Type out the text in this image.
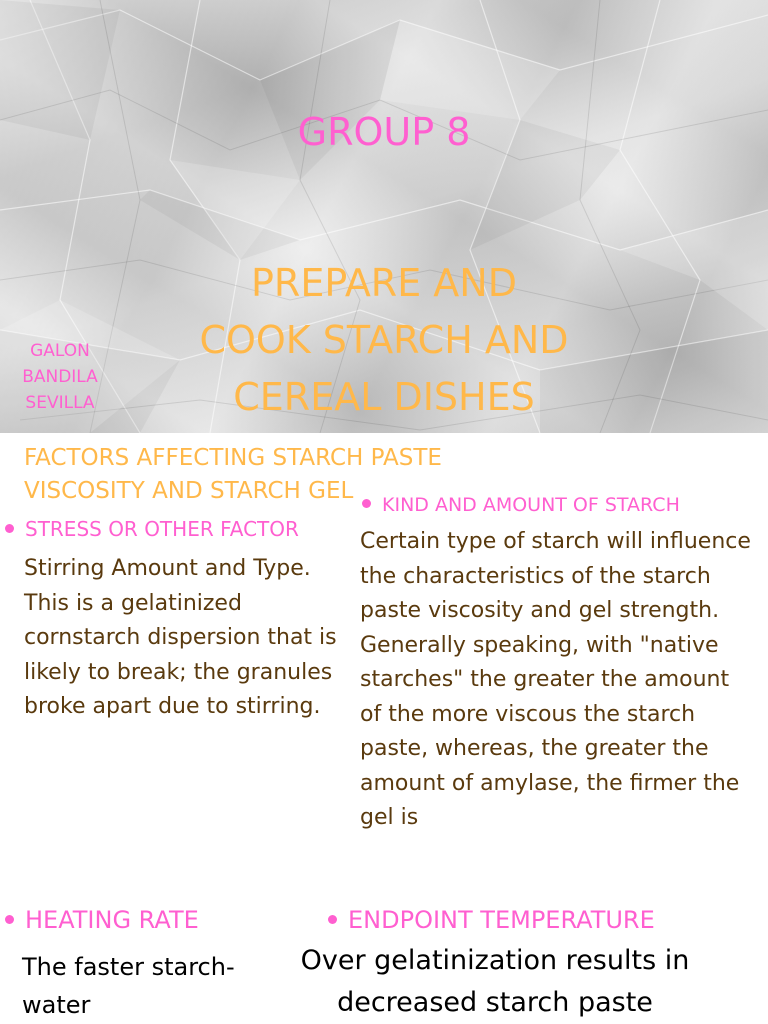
GROUP 8
PREPARE AND
COOK STARCH AND
CEREAL DISHES
GALON
BANDILA
SEVILLA
FACTORS AFFECTING STARCH PASTE VISCOSITY AND STARCH GEL
KIND AND AMOUNT OF STARCH
STRESS OR OTHER FACTOR
Stirring Amount and Type. This is a gelatinized cornstarch dispersion that is likely to break; the granules broke apart due to stirring.
Certain type of starch will influence the characteristics of the starch paste viscosity and gel strength. Generally speaking, with "native starches" the greater the amount of the more viscous the starch paste, whereas, the greater the amount of amylase, the firmer the gel is
HEATING RATE	ENDPOINT TEMPERATURE
The faster starch-water
Over gelatinization results in decreased starch paste
